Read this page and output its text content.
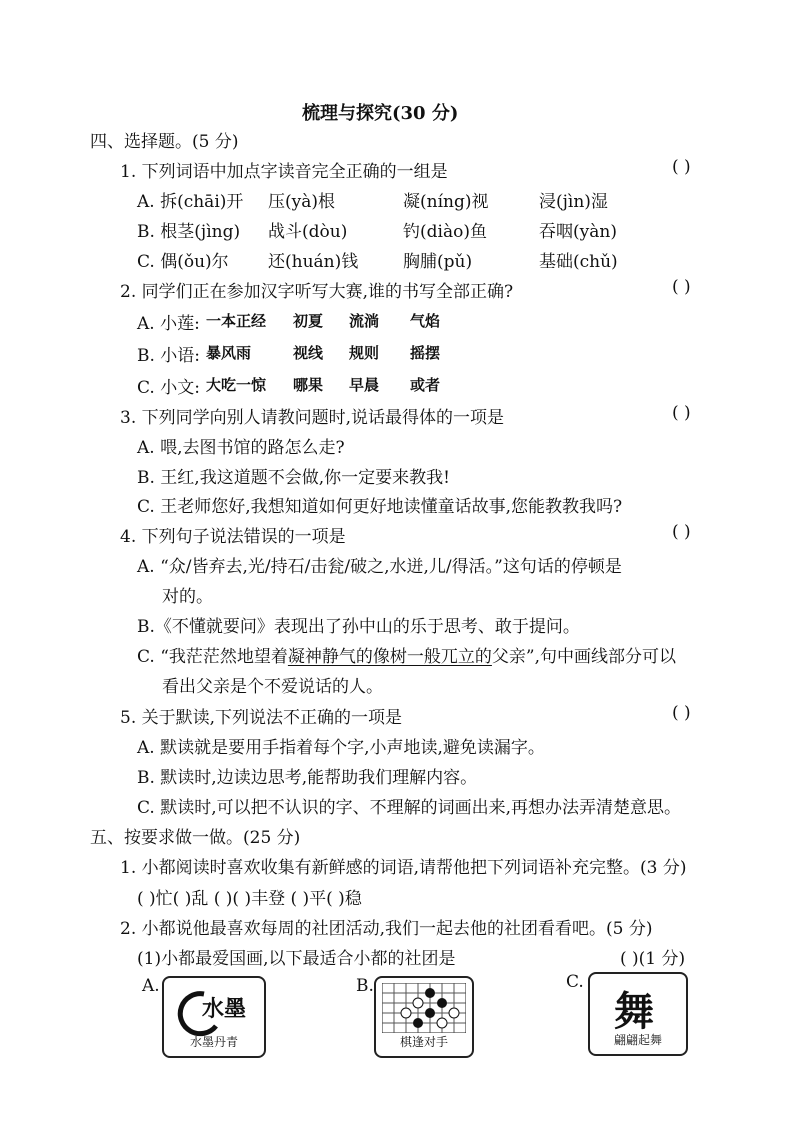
梳理与探究(30 分)
四、选择题。(5 分)
1. 下列词语中加点字读音完全正确的一组是	( )
A. 拆(chāi)开 压(yà)根	凝(níng)视	浸(jìn)湿
B. 根茎(jìng) 战斗(dòu)	钓(diào)鱼	吞咽(yàn)
C. 偶(ǒu)尔 还(huán)钱	胸脯(pǔ)	基础(chǔ)
2. 同学们正在参加汉字听写大赛,谁的书写全部正确?	( )
A. 小莲: 一本正经 初夏 流淌 气焰
B. 小语: 暴风雨	视线 规则 摇摆
C. 小文: 大吃一惊 哪果 早晨 或者
3. 下列同学向别人请教问题时,说话最得体的一项是	( )
A. 喂,去图书馆的路怎么走?
B. 王红,我这道题不会做,你一定要来教我!
C. 王老师您好,我想知道如何更好地读懂童话故事,您能教教我吗?
4. 下列句子说法错误的一项是	( )
A. “众/皆弃去,光/持石/击瓮/破之,水迸,儿/得活。”这句话的停顿是
对的。
B.《不懂就要问》表现出了孙中山的乐于思考、敢于提问。
C. “我茫茫然地望着凝神静气的像树一般兀立的父亲”,句中画线部分可以
看出父亲是个不爱说话的人。
5. 关于默读,下列说法不正确的一项是	( )
A. 默读就是要用手指着每个字,小声地读,避免读漏字。
B. 默读时,边读边思考,能帮助我们理解内容。
C. 默读时,可以把不认识的字、不理解的词画出来,再想办法弄清楚意思。
五、按要求做一做。(25 分)
1. 小都阅读时喜欢收集有新鲜感的词语,请帮他把下列词语补充完整。(3 分)
( )忙( )乱 ( )( )丰登 ( )平( )稳
2. 小都说他最喜欢每周的社团活动,我们一起去他的社团看看吧。(5 分)
(1)小都最爱国画,以下最适合小都的社团是	( )(1 分)
A.
水墨
水墨丹青
B.
棋逢对手
C.
舞
翩翩起舞
